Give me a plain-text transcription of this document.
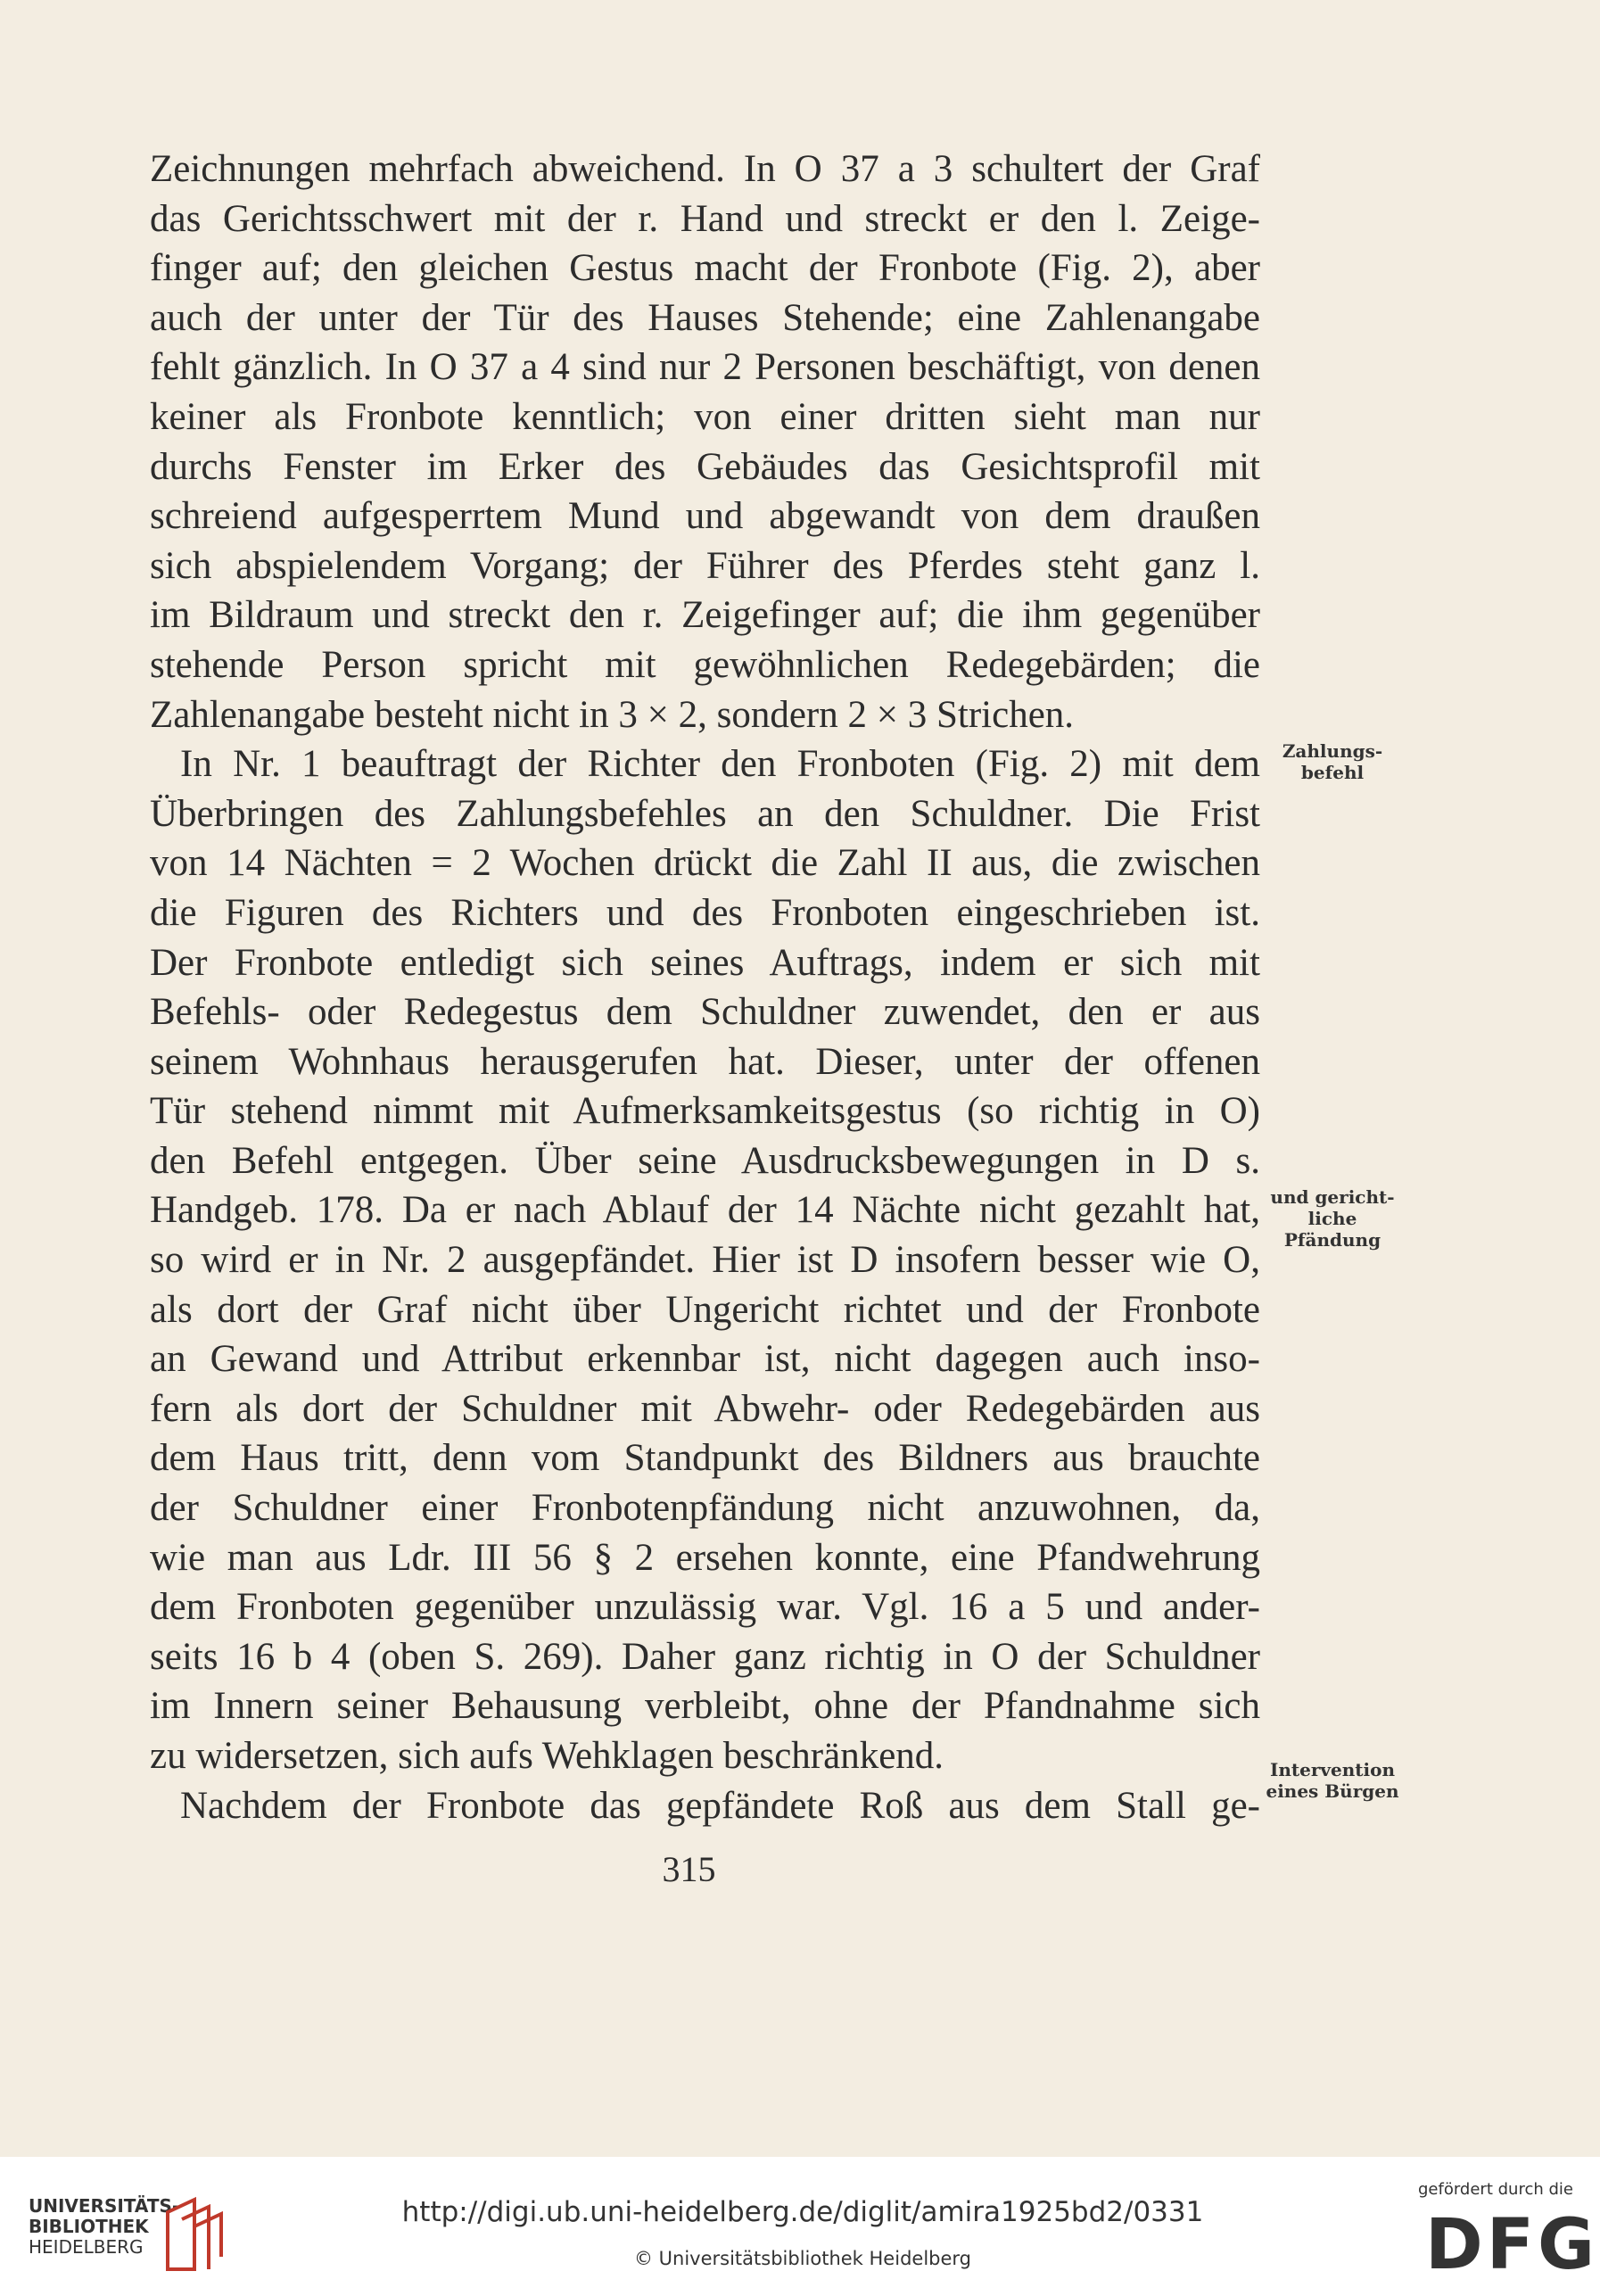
Zeichnungen mehrfach abweichend. In O 37 a 3 schultert der Graf
das Gerichtsschwert mit der r. Hand und streckt er den l. Zeige-
finger auf; den gleichen Gestus macht der Fronbote (Fig. 2), aber
auch der unter der Tür des Hauses Stehende; eine Zahlenangabe
fehlt gänzlich. In O 37 a 4 sind nur 2 Personen beschäftigt, von denen
keiner als Fronbote kenntlich; von einer dritten sieht man nur
durchs Fenster im Erker des Gebäudes das Gesichtsprofil mit
schreiend aufgesperrtem Mund und abgewandt von dem draußen
sich abspielendem Vorgang; der Führer des Pferdes steht ganz l.
im Bildraum und streckt den r. Zeigefinger auf; die ihm gegenüber
stehende Person spricht mit gewöhnlichen Redegebärden; die
Zahlenangabe besteht nicht in 3 × 2, sondern 2 × 3 Strichen.
In Nr. 1 beauftragt der Richter den Fronboten (Fig. 2) mit dem
Überbringen des Zahlungsbefehles an den Schuldner. Die Frist
von 14 Nächten = 2 Wochen drückt die Zahl II aus, die zwischen
die Figuren des Richters und des Fronboten eingeschrieben ist.
Der Fronbote entledigt sich seines Auftrags, indem er sich mit
Befehls- oder Redegestus dem Schuldner zuwendet, den er aus
seinem Wohnhaus herausgerufen hat. Dieser, unter der offenen
Tür stehend nimmt mit Aufmerksamkeitsgestus (so richtig in O)
den Befehl entgegen. Über seine Ausdrucksbewegungen in D s.
Handgeb. 178. Da er nach Ablauf der 14 Nächte nicht gezahlt hat,
so wird er in Nr. 2 ausgepfändet. Hier ist D insofern besser wie O,
als dort der Graf nicht über Ungericht richtet und der Fronbote
an Gewand und Attribut erkennbar ist, nicht dagegen auch inso-
fern als dort der Schuldner mit Abwehr- oder Redegebärden aus
dem Haus tritt, denn vom Standpunkt des Bildners aus brauchte
der Schuldner einer Fronbotenpfändung nicht anzuwohnen, da,
wie man aus Ldr. III 56 § 2 ersehen konnte, eine Pfandwehrung
dem Fronboten gegenüber unzulässig war. Vgl. 16 a 5 und ander-
seits 16 b 4 (oben S. 269). Daher ganz richtig in O der Schuldner
im Innern seiner Behausung verbleibt, ohne der Pfandnahme sich
zu widersetzen, sich aufs Wehklagen beschränkend.
Nachdem der Fronbote das gepfändete Roß aus dem Stall ge-
Zahlungs-
befehl
und gericht-
liche
Pfändung
Intervention
eines Bürgen
315
UNIVERSITÄTS-
BIBLIOTHEK
HEIDELBERG
http://digi.ub.uni-heidelberg.de/diglit/amira1925bd2/0331
© Universitätsbibliothek Heidelberg
gefördert durch die
DFG
